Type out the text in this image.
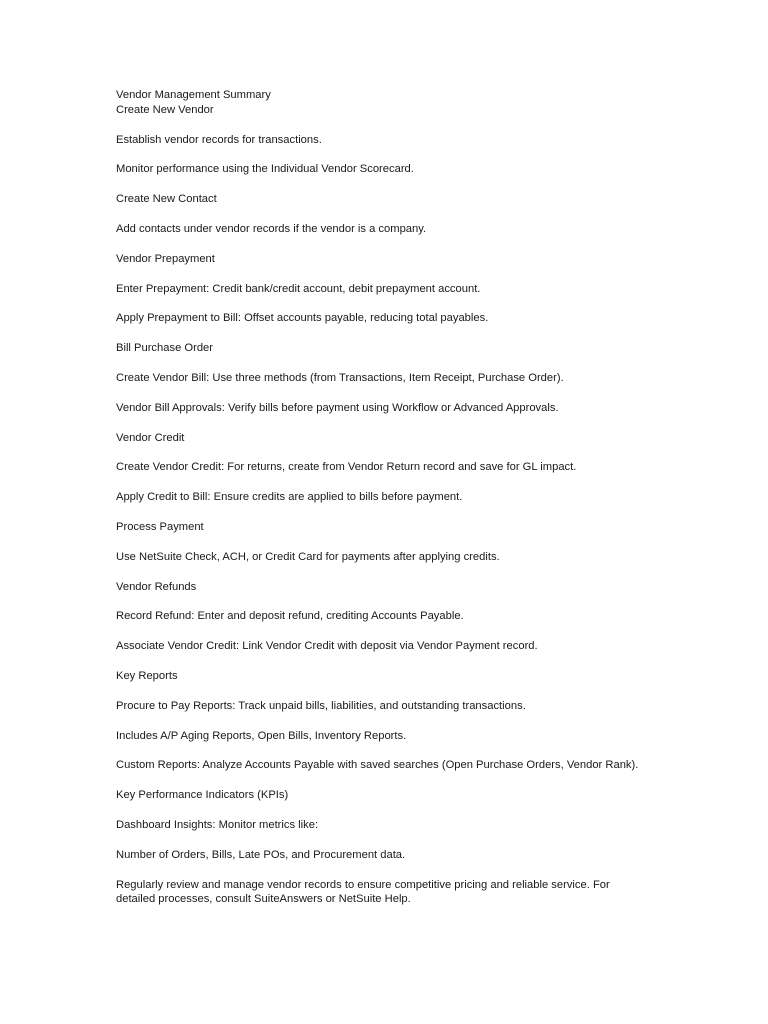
Vendor Management Summary

Create New Vendor

Establish vendor records for transactions.

Monitor performance using the Individual Vendor Scorecard.

Create New Contact

Add contacts under vendor records if the vendor is a company.

Vendor Prepayment

Enter Prepayment: Credit bank/credit account, debit prepayment account.

Apply Prepayment to Bill: Offset accounts payable, reducing total payables.

Bill Purchase Order

Create Vendor Bill: Use three methods (from Transactions, Item Receipt, Purchase Order).

Vendor Bill Approvals: Verify bills before payment using Workflow or Advanced Approvals.

Vendor Credit

Create Vendor Credit: For returns, create from Vendor Return record and save for GL impact.

Apply Credit to Bill: Ensure credits are applied to bills before payment.

Process Payment

Use NetSuite Check, ACH, or Credit Card for payments after applying credits.

Vendor Refunds

Record Refund: Enter and deposit refund, crediting Accounts Payable.

Associate Vendor Credit: Link Vendor Credit with deposit via Vendor Payment record.

Key Reports

Procure to Pay Reports: Track unpaid bills, liabilities, and outstanding transactions.

Includes A/P Aging Reports, Open Bills, Inventory Reports.

Custom Reports: Analyze Accounts Payable with saved searches (Open Purchase Orders, Vendor Rank).

Key Performance Indicators (KPIs)

Dashboard Insights: Monitor metrics like:

Number of Orders, Bills, Late POs, and Procurement data.

Regularly review and manage vendor records to ensure competitive pricing and reliable service. For detailed processes, consult SuiteAnswers or NetSuite Help.
